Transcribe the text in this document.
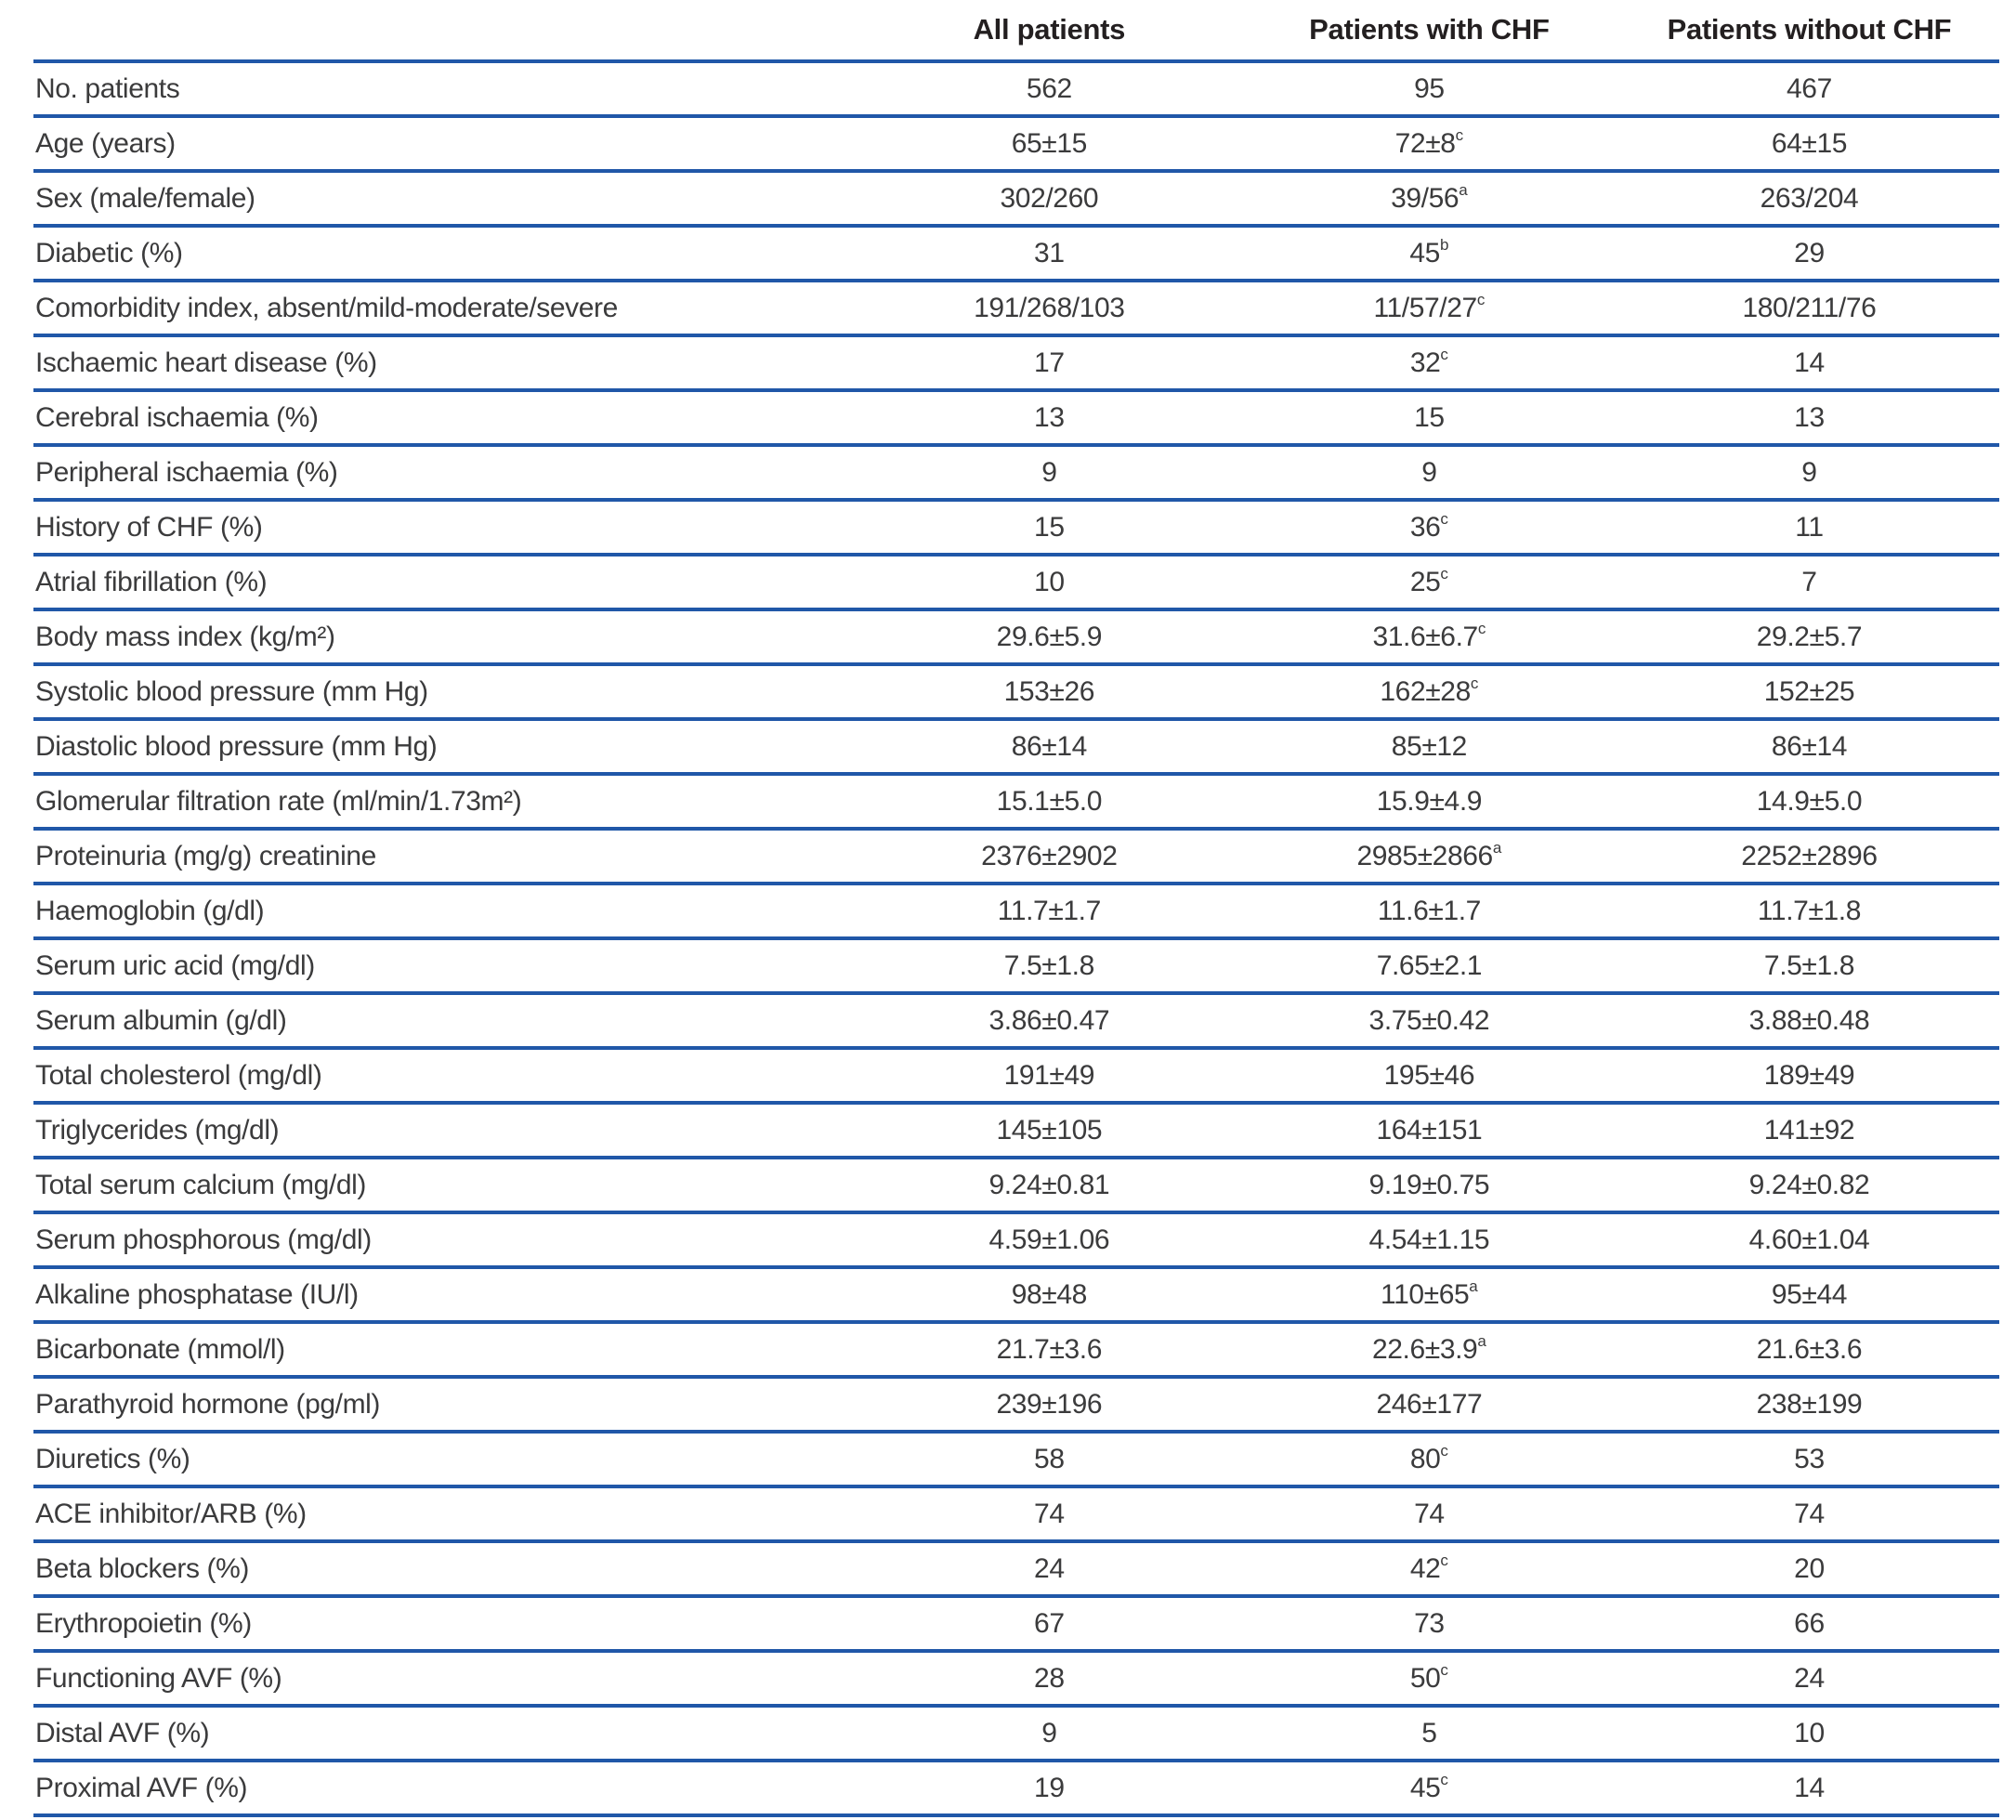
	All patients	Patients with CHF	Patients without CHF
No. patients	562	95	467
Age (years)	65±15	$72\pm 8^c$	64±15
Sex (male/female)	302/260	39/56$^a$	263/204
Diabetic (%)	31	45$^b$	29
Comorbidity index, absent/mild-moderate/severe	191/268/103	11/57/27$^c$	180/211/76
Ischaemic heart disease (%)	17	32$^c$	14
Cerebral ischaemia (%)	13	15	13
Peripheral ischaemia (%)	9	9	9
History of CHF (%)	15	36$^c$	11
Atrial fibrillation (%)	10	25$^c$	7
Body mass index (kg/m²)	29.6±5.9	31.6±6.7$^c$	29.2±5.7
Systolic blood pressure (mm Hg)	153±26	$162\pm 28^c$	152±25
Diastolic blood pressure (mm Hg)	86±14	85±12	86±14
Glomerular filtration rate (ml/min/1.73m²)	15.1±5.0	15.9±4.9	14.9±5.0
Proteinuria (mg/g) creatinine	2376±2902	$2985\pm 2866^a$	2252±2896
Haemoglobin (g/dl)	11.7±1.7	11.6±1.7	11.7±1.8
Serum uric acid (mg/dl)	7.5±1.8	7.65±2.1	7.5±1.8
Serum albumin (g/dl)	3.86±0.47	3.75±0.42	3.88±0.48
Total cholesterol (mg/dl)	191±49	195±46	189±49
Triglycerides (mg/dl)	145±105	164±151	141±92
Total serum calcium (mg/dl)	9.24±0.81	9.19±0.75	9.24±0.82
Serum phosphorous (mg/dl)	4.59±1.06	4.54±1.15	4.60±1.04
Alkaline phosphatase (IU/l)	98±48	$110\pm 65^a$	95±44
Bicarbonate (mmol/l)	21.7±3.6	22.6±3.9$^a$	21.6±3.6
Parathyroid hormone (pg/ml)	239±196	246±177	238±199
Diuretics (%)	58	80$^c$	53
ACE inhibitor/ARB (%)	74	74	74
Beta blockers (%)	24	42$^c$	20
Erythropoietin (%)	67	73	66
Functioning AVF (%)	28	50$^c$	24
Distal AVF (%)	9	5	10
Proximal AVF (%)	19	45$^c$	14
